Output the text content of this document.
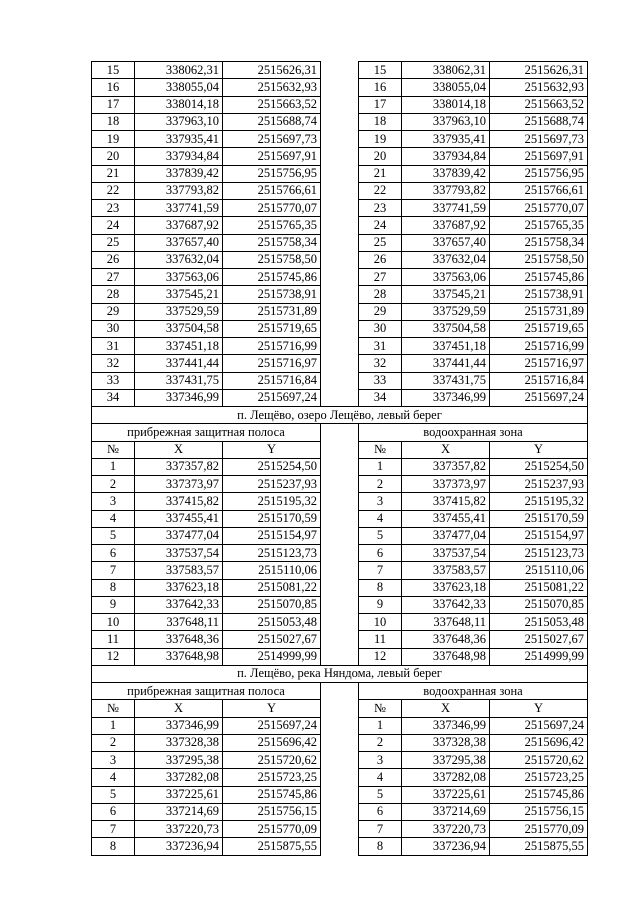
15	338062,31	2515626,31		15	338062,31	2515626,31
16	338055,04	2515632,93		16	338055,04	2515632,93
17	338014,18	2515663,52		17	338014,18	2515663,52
18	337963,10	2515688,74		18	337963,10	2515688,74
19	337935,41	2515697,73		19	337935,41	2515697,73
20	337934,84	2515697,91		20	337934,84	2515697,91
21	337839,42	2515756,95		21	337839,42	2515756,95
22	337793,82	2515766,61		22	337793,82	2515766,61
23	337741,59	2515770,07		23	337741,59	2515770,07
24	337687,92	2515765,35		24	337687,92	2515765,35
25	337657,40	2515758,34		25	337657,40	2515758,34
26	337632,04	2515758,50		26	337632,04	2515758,50
27	337563,06	2515745,86		27	337563,06	2515745,86
28	337545,21	2515738,91		28	337545,21	2515738,91
29	337529,59	2515731,89		29	337529,59	2515731,89
30	337504,58	2515719,65		30	337504,58	2515719,65
31	337451,18	2515716,99		31	337451,18	2515716,99
32	337441,44	2515716,97		32	337441,44	2515716,97
33	337431,75	2515716,84		33	337431,75	2515716,84
34	337346,99	2515697,24		34	337346,99	2515697,24
п. Лещёво, озеро Лещёво, левый берег						
прибрежная защитная полоса				водоохранная зона		
№	X	Y		№	X	Y
1	337357,82	2515254,50		1	337357,82	2515254,50
2	337373,97	2515237,93		2	337373,97	2515237,93
3	337415,82	2515195,32		3	337415,82	2515195,32
4	337455,41	2515170,59		4	337455,41	2515170,59
5	337477,04	2515154,97		5	337477,04	2515154,97
6	337537,54	2515123,73		6	337537,54	2515123,73
7	337583,57	2515110,06		7	337583,57	2515110,06
8	337623,18	2515081,22		8	337623,18	2515081,22
9	337642,33	2515070,85		9	337642,33	2515070,85
10	337648,11	2515053,48		10	337648,11	2515053,48
11	337648,36	2515027,67		11	337648,36	2515027,67
12	337648,98	2514999,99		12	337648,98	2514999,99
п. Лещёво, река Няндома, левый берег						
прибрежная защитная полоса				водоохранная зона		
№	X	Y		№	X	Y
1	337346,99	2515697,24		1	337346,99	2515697,24
2	337328,38	2515696,42		2	337328,38	2515696,42
3	337295,38	2515720,62		3	337295,38	2515720,62
4	337282,08	2515723,25		4	337282,08	2515723,25
5	337225,61	2515745,86		5	337225,61	2515745,86
6	337214,69	2515756,15		6	337214,69	2515756,15
7	337220,73	2515770,09		7	337220,73	2515770,09
8	337236,94	2515875,55		8	337236,94	2515875,55
